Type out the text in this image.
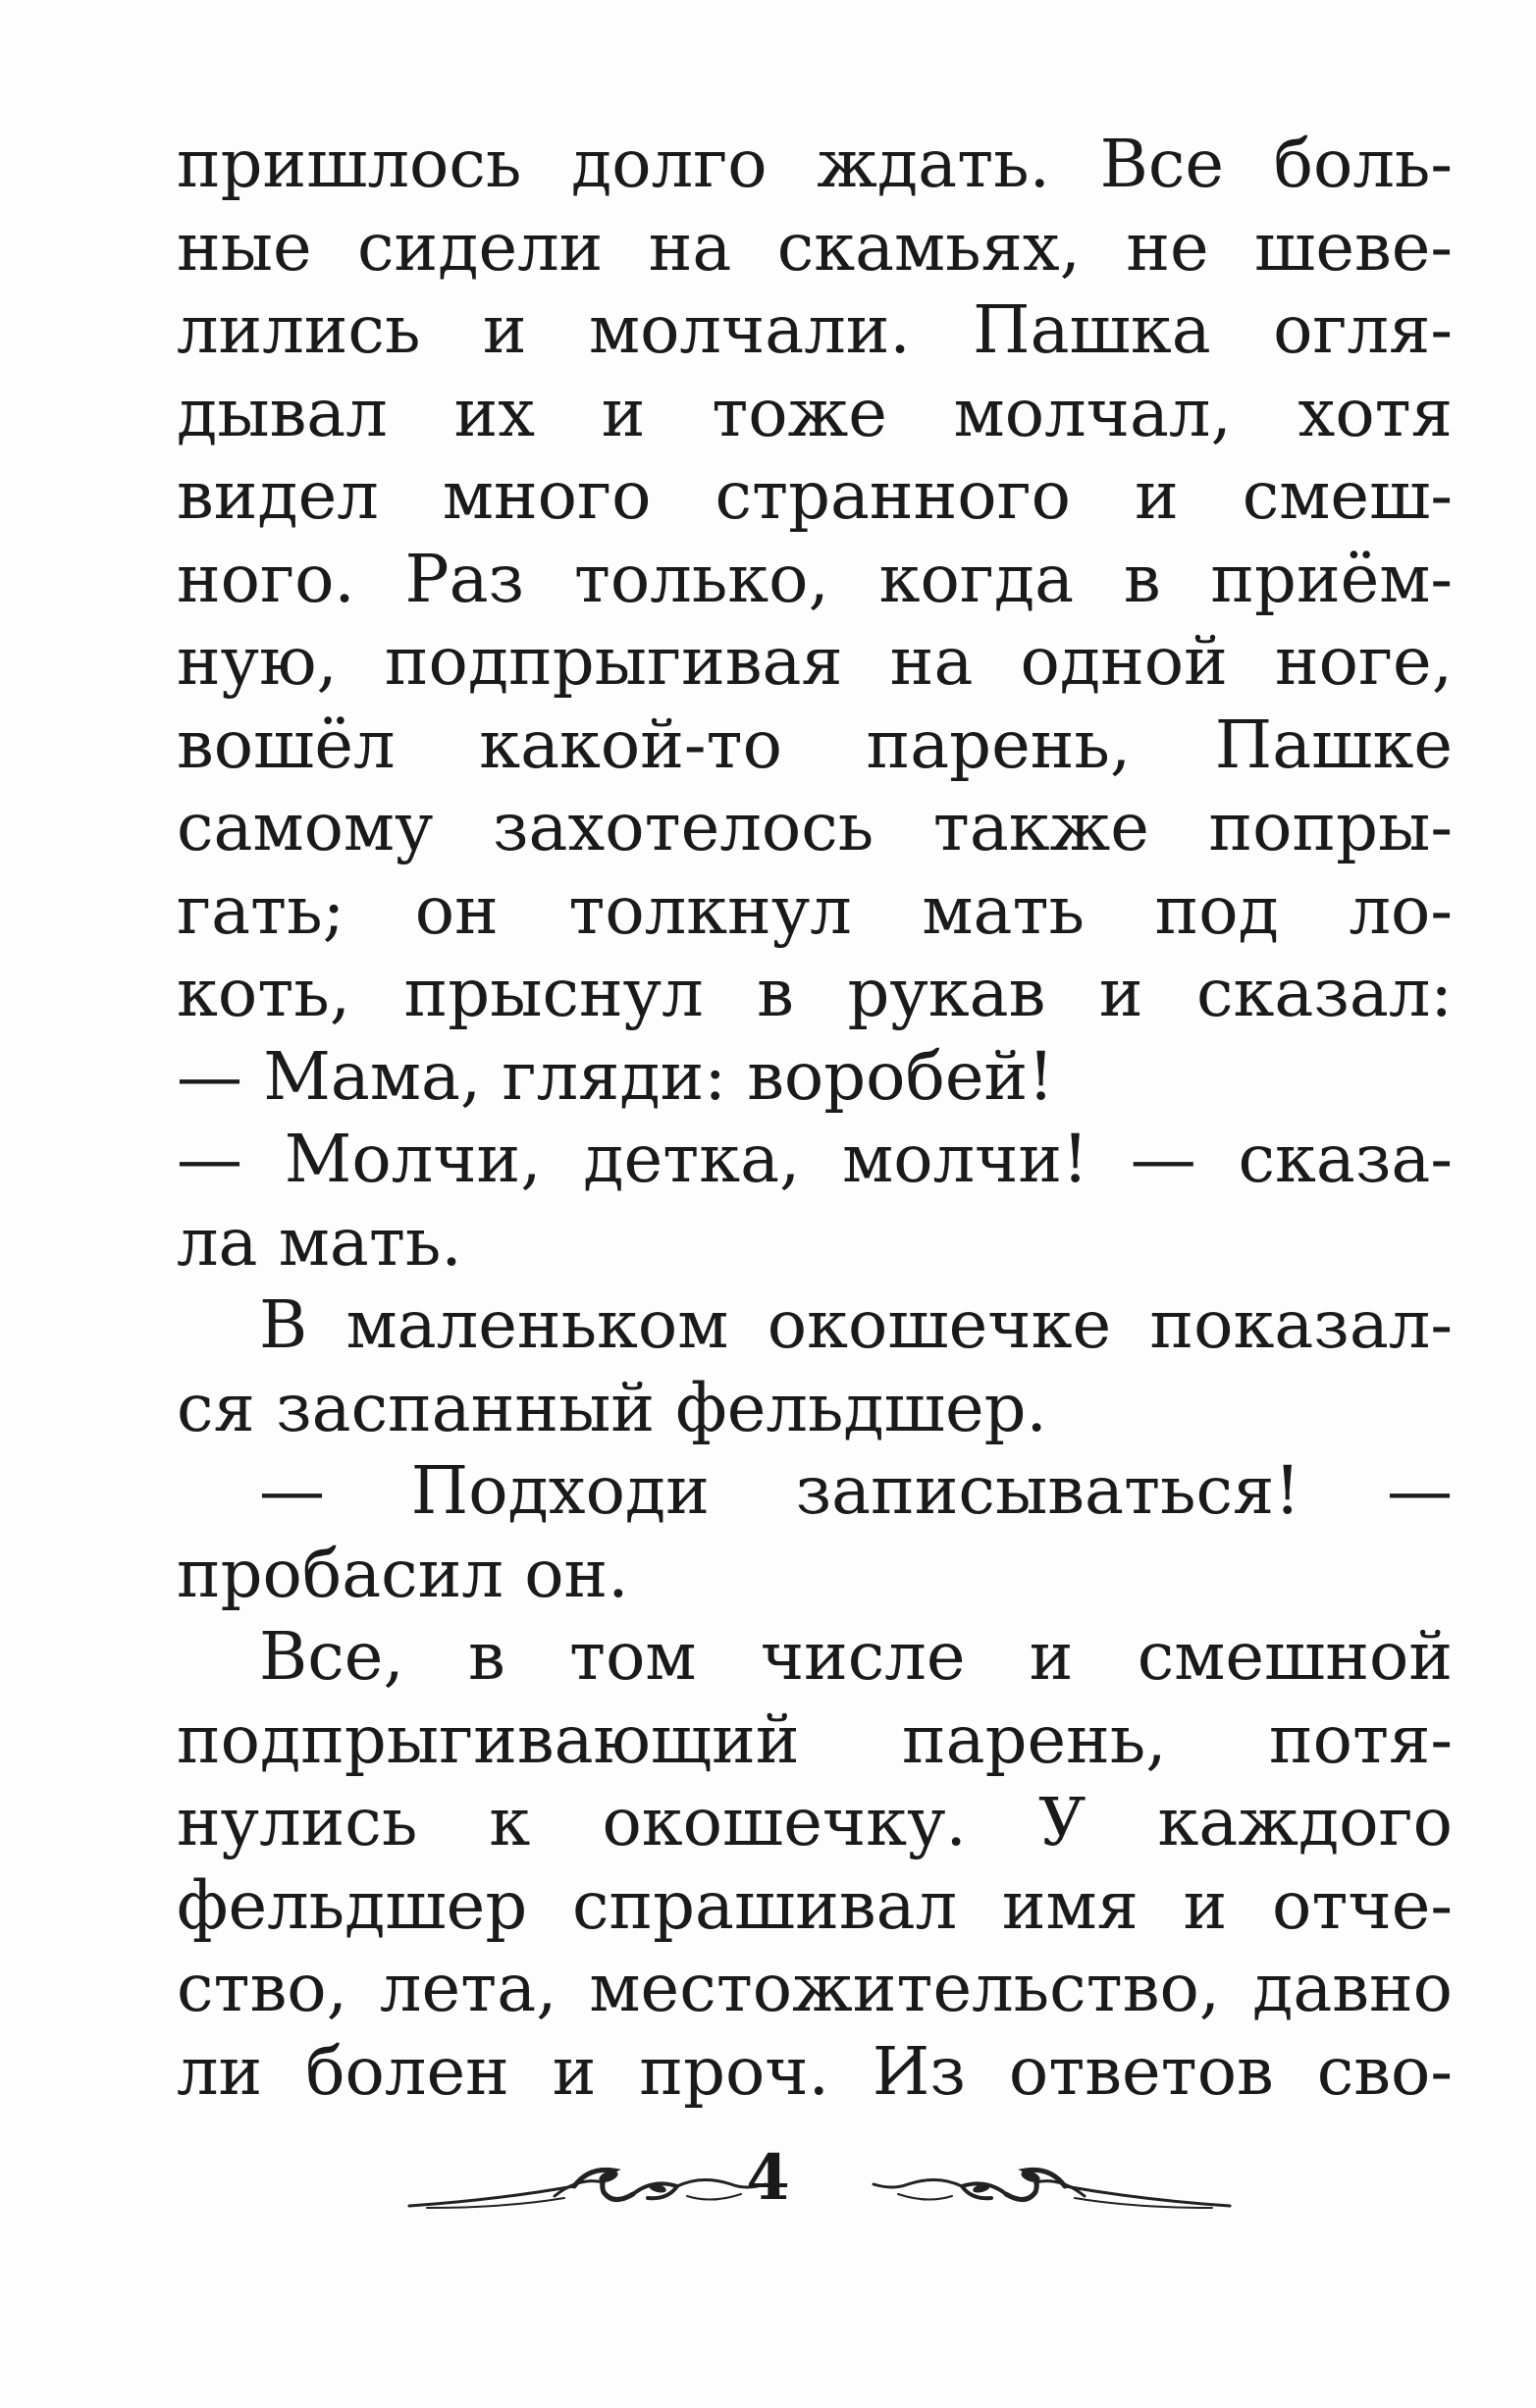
пришлось долго ждать. Все боль-
ные сидели на скамьях, не шеве-
лились и молчали. Пашка огля-
дывал их и тоже молчал, хотя
видел много странного и смеш-
ного. Раз только, когда в приём-
ную, подпрыгивая на одной ноге,
вошёл какой-то парень, Пашке
самому захотелось также попры-
гать; он толкнул мать под ло-
коть, прыснул в рукав и сказал:
— Мама, гляди: воробей!
— Молчи, детка, молчи! — сказа-
ла мать.
В маленьком окошечке показал-
ся заспанный фельдшер.
— Подходи записываться! —
пробасил он.
Все, в том числе и смешной
подпрыгивающий парень, потя-
нулись к окошечку. У каждого
фельдшер спрашивал имя и отче-
ство, лета, местожительство, давно
ли болен и проч. Из ответов сво-
4
